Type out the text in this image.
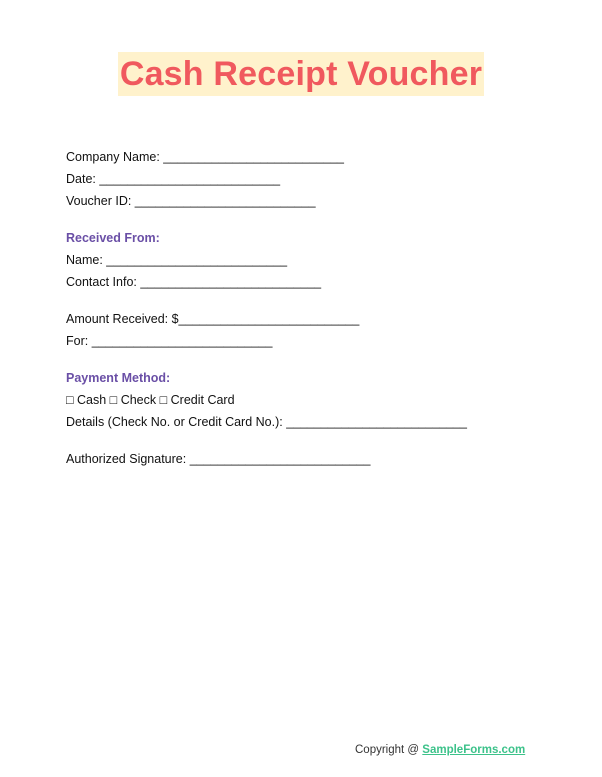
Cash Receipt Voucher
Company Name: __________________________
Date: __________________________
Voucher ID: __________________________
Received From:
Name: __________________________
Contact Info: __________________________
Amount Received: $__________________________
For: __________________________
Payment Method:
□ Cash □ Check □ Credit Card
Details (Check No. or Credit Card No.): __________________________
Authorized Signature: __________________________
Copyright @ SampleForms.com
